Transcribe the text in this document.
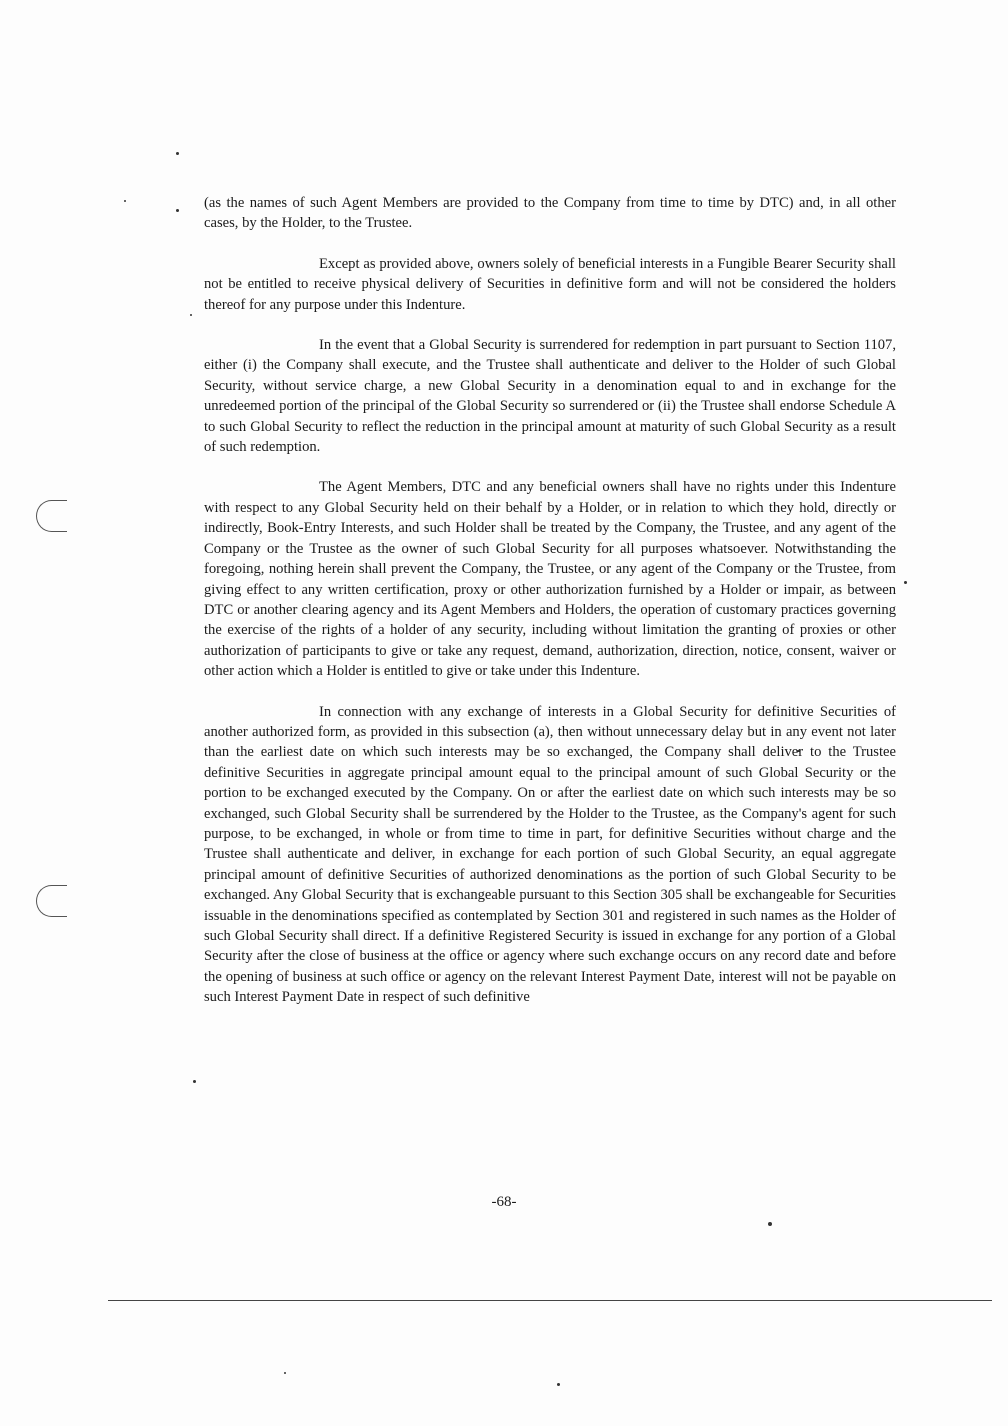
(as the names of such Agent Members are provided to the Company from time to time by DTC) and, in all other cases, by the Holder, to the Trustee.

Except as provided above, owners solely of beneficial interests in a Fungible Bearer Security shall not be entitled to receive physical delivery of Securities in definitive form and will not be considered the holders thereof for any purpose under this Indenture.

In the event that a Global Security is surrendered for redemption in part pursuant to Section 1107, either (i) the Company shall execute, and the Trustee shall authenticate and deliver to the Holder of such Global Security, without service charge, a new Global Security in a denomination equal to and in exchange for the unredeemed portion of the principal of the Global Security so surrendered or (ii) the Trustee shall endorse Schedule A to such Global Security to reflect the reduction in the principal amount at maturity of such Global Security as a result of such redemption.

The Agent Members, DTC and any beneficial owners shall have no rights under this Indenture with respect to any Global Security held on their behalf by a Holder, or in relation to which they hold, directly or indirectly, Book-Entry Interests, and such Holder shall be treated by the Company, the Trustee, and any agent of the Company or the Trustee as the owner of such Global Security for all purposes whatsoever. Notwithstanding the foregoing, nothing herein shall prevent the Company, the Trustee, or any agent of the Company or the Trustee, from giving effect to any written certification, proxy or other authorization furnished by a Holder or impair, as between DTC or another clearing agency and its Agent Members and Holders, the operation of customary practices governing the exercise of the rights of a holder of any security, including without limitation the granting of proxies or other authorization of participants to give or take any request, demand, authorization, direction, notice, consent, waiver or other action which a Holder is entitled to give or take under this Indenture.

In connection with any exchange of interests in a Global Security for definitive Securities of another authorized form, as provided in this subsection (a), then without unnecessary delay but in any event not later than the earliest date on which such interests may be so exchanged, the Company shall deliver to the Trustee definitive Securities in aggregate principal amount equal to the principal amount of such Global Security or the portion to be exchanged executed by the Company. On or after the earliest date on which such interests may be so exchanged, such Global Security shall be surrendered by the Holder to the Trustee, as the Company's agent for such purpose, to be exchanged, in whole or from time to time in part, for definitive Securities without charge and the Trustee shall authenticate and deliver, in exchange for each portion of such Global Security, an equal aggregate principal amount of definitive Securities of authorized denominations as the portion of such Global Security to be exchanged. Any Global Security that is exchangeable pursuant to this Section 305 shall be exchangeable for Securities issuable in the denominations specified as contemplated by Section 301 and registered in such names as the Holder of such Global Security shall direct. If a definitive Registered Security is issued in exchange for any portion of a Global Security after the close of business at the office or agency where such exchange occurs on any record date and before the opening of business at such office or agency on the relevant Interest Payment Date, interest will not be payable on such Interest Payment Date in respect of such definitive

-68-
